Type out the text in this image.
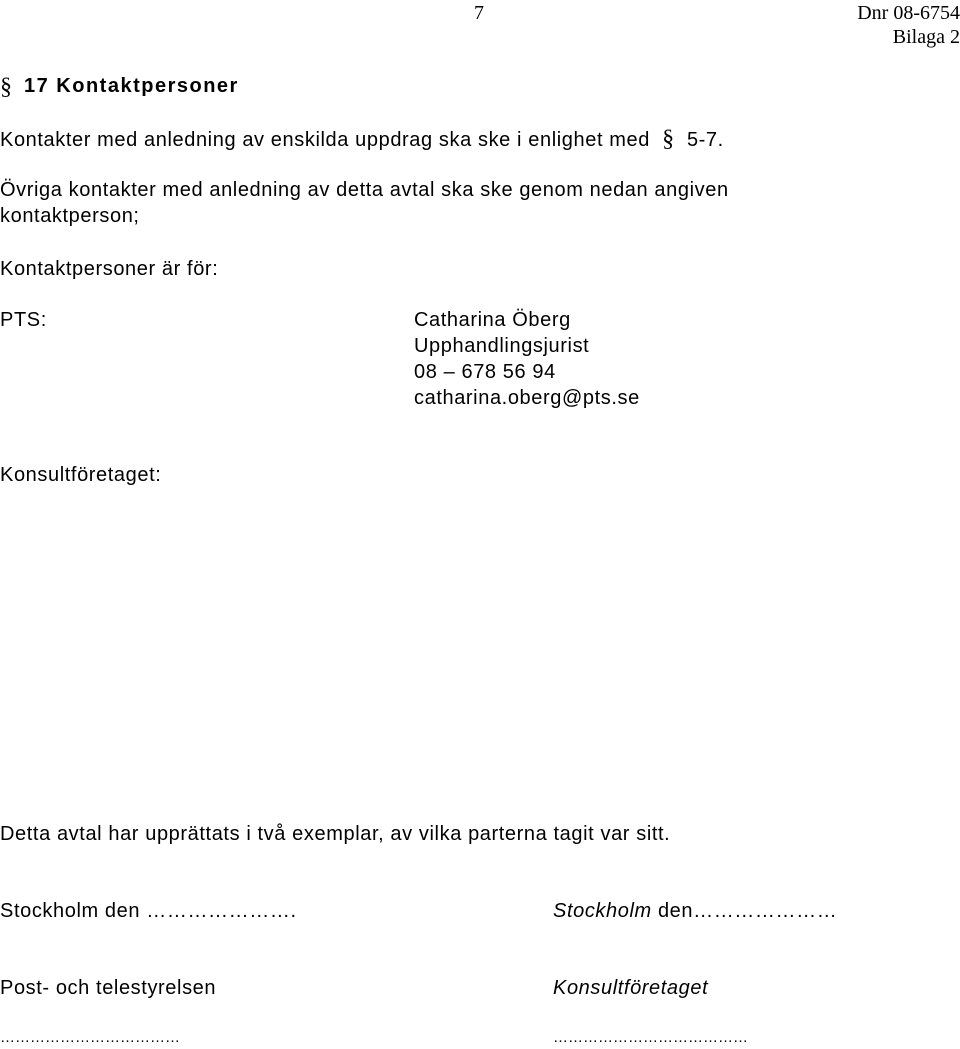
7	Dnr 08-6754
Bilaga 2
§ 17 Kontaktpersoner
Kontakter med anledning av enskilda uppdrag ska ske i enlighet med § 5-7.
Övriga kontakter med anledning av detta avtal ska ske genom nedan angiven
kontaktperson;
Kontaktpersoner är för:
PTS:	Catharina Öberg
Upphandlingsjurist
08 – 678 56 94
catharina.oberg@pts.se
Konsultföretaget:
Detta avtal har upprättats i två exemplar, av vilka parterna tagit var sitt.
Stockholm den ………………….	Stockholm den…………………
Post- och telestyrelsen	Konsultföretaget
………………………………	…………………………………
